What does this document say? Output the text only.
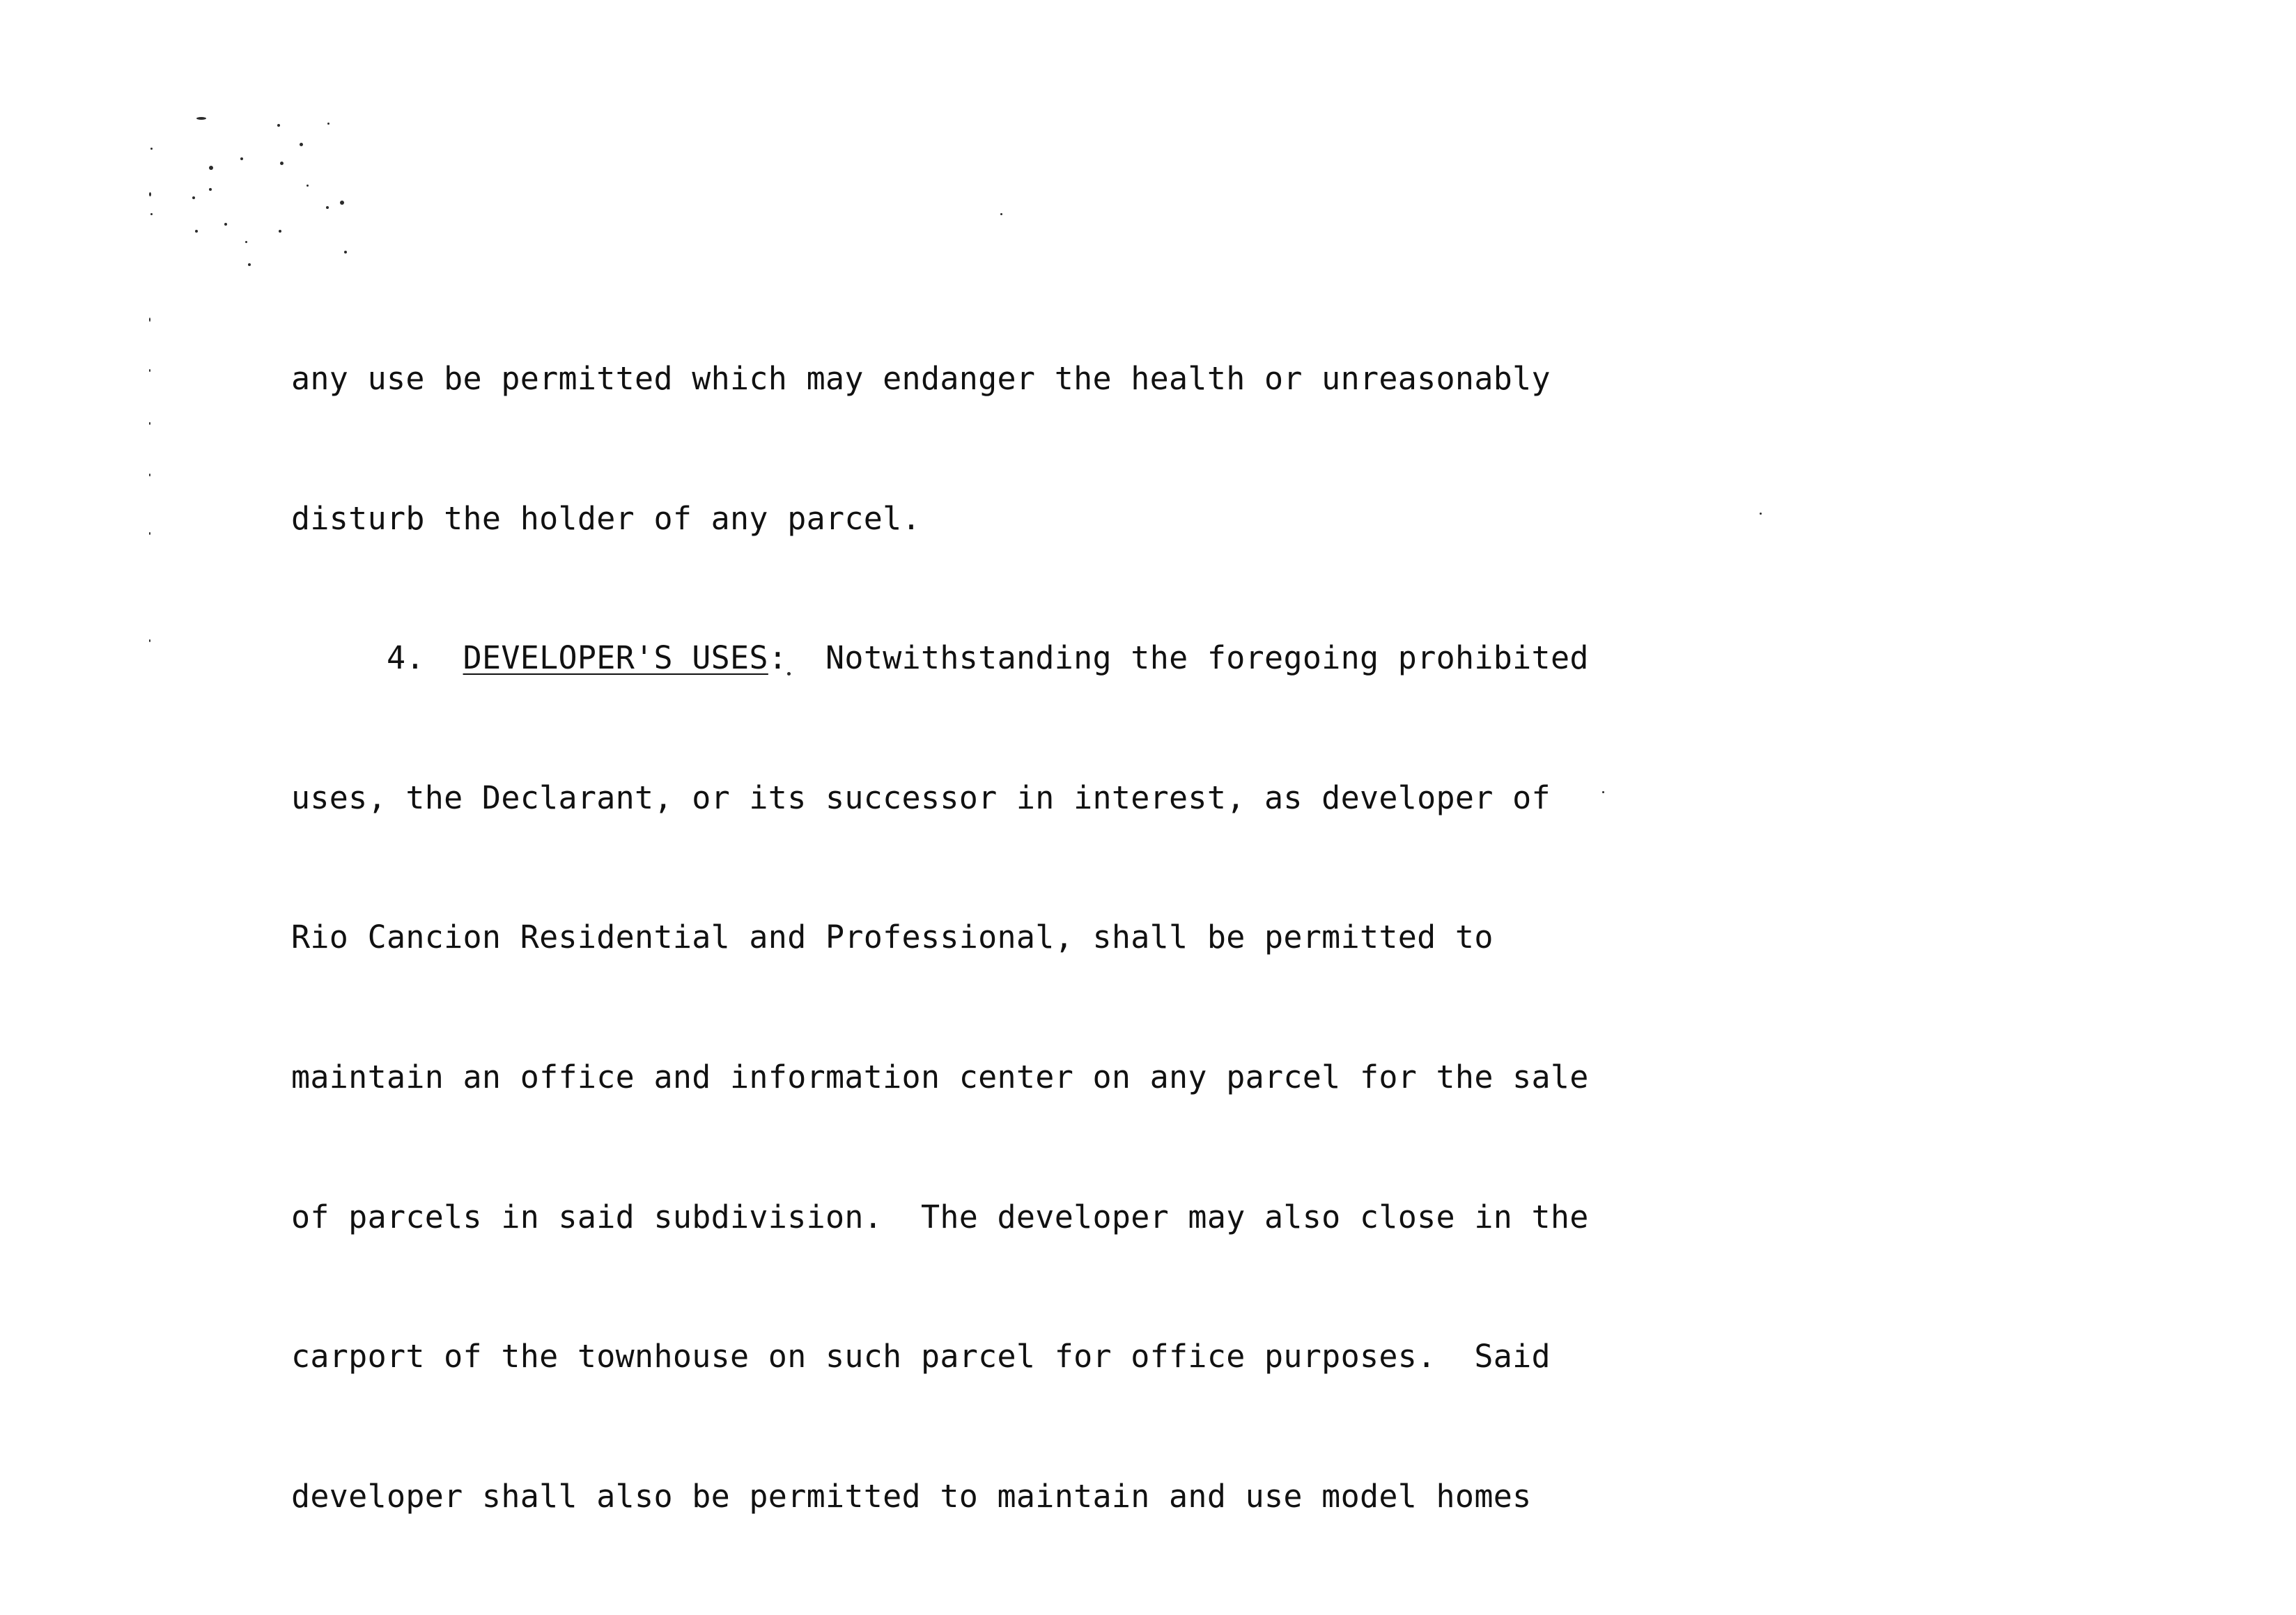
any use be permitted which may endanger the health or unreasonably

disturb the holder of any parcel.

4. DEVELOPER'S USES:  Notwithstanding the foregoing prohibited

uses, the Declarant, or its successor in interest, as developer of

Rio Cancion Residential and Professional, shall be permitted to

maintain an office and information center on any parcel for the sale

of parcels in said subdivision.  The developer may also close in the

carport of the townhouse on such parcel for office purposes.  Said

developer shall also be permitted to maintain and use model homes
